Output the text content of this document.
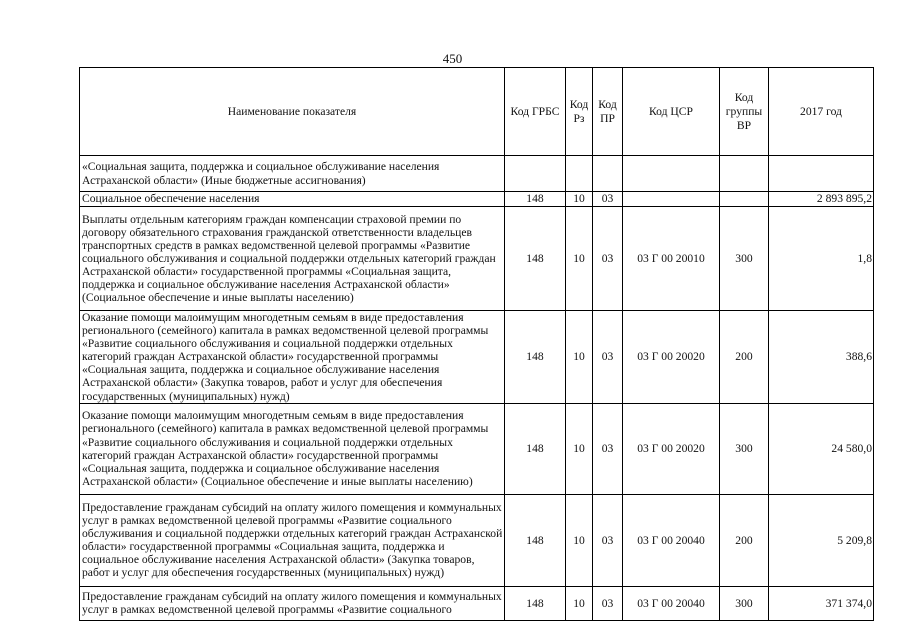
450
Наименование показателя	Код ГРБС	Код Рз	Код ПР	Код ЦСР	Код группы ВР	2017 год
«Социальная защита, поддержка и социальное обслуживание населения Астраханской области» (Иные бюджетные ассигнования)						
Социальное обеспечение населения	148	10	03			2 893 895,2
Выплаты отдельным категориям граждан компенсации страховой премии по договору обязательного страхования гражданской ответственности владельцев транспортных средств в рамках ведомственной целевой программы «Развитие социального обслуживания и социальной поддержки отдельных категорий граждан Астраханской области» государственной программы «Социальная защита, поддержка и социальное обслуживание населения Астраханской области» (Социальное обеспечение и иные выплаты населению)	148	10	03	03 Г 00 20010	300	1,8
Оказание помощи малоимущим многодетным семьям в виде предоставления регионального (семейного) капитала в рамках ведомственной целевой программы «Развитие социального обслуживания и социальной поддержки отдельных категорий граждан Астраханской области» государственной программы «Социальная защита, поддержка и социальное обслуживание населения Астраханской области» (Закупка товаров, работ и услуг для обеспечения государственных (муниципальных) нужд)	148	10	03	03 Г 00 20020	200	388,6
Оказание помощи малоимущим многодетным семьям в виде предоставления регионального (семейного) капитала в рамках ведомственной целевой программы «Развитие социального обслуживания и социальной поддержки отдельных категорий граждан Астраханской области» государственной программы «Социальная защита, поддержка и социальное обслуживание населения Астраханской области» (Социальное обеспечение и иные выплаты населению)	148	10	03	03 Г 00 20020	300	24 580,0
Предоставление гражданам субсидий на оплату жилого помещения и коммунальных услуг в рамках ведомственной целевой программы «Развитие социального обслуживания и социальной поддержки отдельных категорий граждан Астраханской области» государственной программы «Социальная защита, поддержка и социальное обслуживание населения Астраханской области» (Закупка товаров, работ и услуг для обеспечения государственных (муниципальных) нужд)	148	10	03	03 Г 00 20040	200	5 209,8
Предоставление гражданам субсидий на оплату жилого помещения и коммунальных услуг в рамках ведомственной целевой программы «Развитие социального	148	10	03	03 Г 00 20040	300	371 374,0
